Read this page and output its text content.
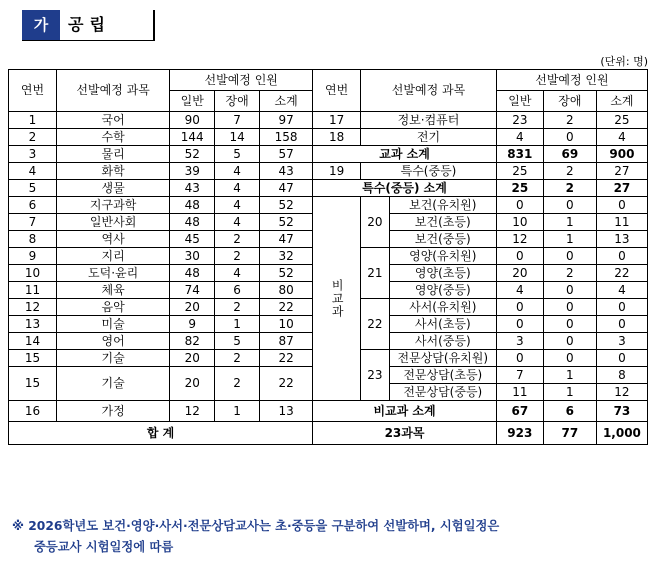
가	공립
(단위: 명)
연번	선발예정 과목	선발예정 인원			연번	선발예정 과목		선발예정 인원		
		일반	장애	소계				일반	장애	소계
1	국어	90	7	97	17	정보·컴퓨터		23	2	25
2	수학	144	14	158	18	전기		4	0	4
3	물리	52	5	57	교과 소계			831	69	900
4	화학	39	4	43	19	특수(중등)		25	2	27
5	생물	43	4	47	특수(중등) 소계			25	2	27
6	지구과학	48	4	52	비교과	20	보건(유치원)	0	0	0
7	일반사회	48	4	52			보건(초등)	10	1	11
8	역사	45	2	47			보건(중등)	12	1	13
9	지리	30	2	32		21	영양(유치원)	0	0	0
10	도덕·윤리	48	4	52			영양(초등)	20	2	22
11	체육	74	6	80			영양(중등)	4	0	4
12	음악	20	2	22		22	사서(유치원)	0	0	0
13	미술	9	1	10			사서(초등)	0	0	0
14	영어	82	5	87			사서(중등)	3	0	3
15	기술	20	2	22		23	전문상담(유치원)	0	0	0
15	기술	20	2	22			전문상담(초등)	7	1	8
							전문상담(중등)	11	1	12
16	가정	12	1	13	비교과 소계			67	6	73
합 계					23과목			923	77	1,000
※ 2026학년도 보건·영양·사서·전문상담교사는 초·중등을 구분하여 선발하며, 시험일정은
중등교사 시험일정에 따름
